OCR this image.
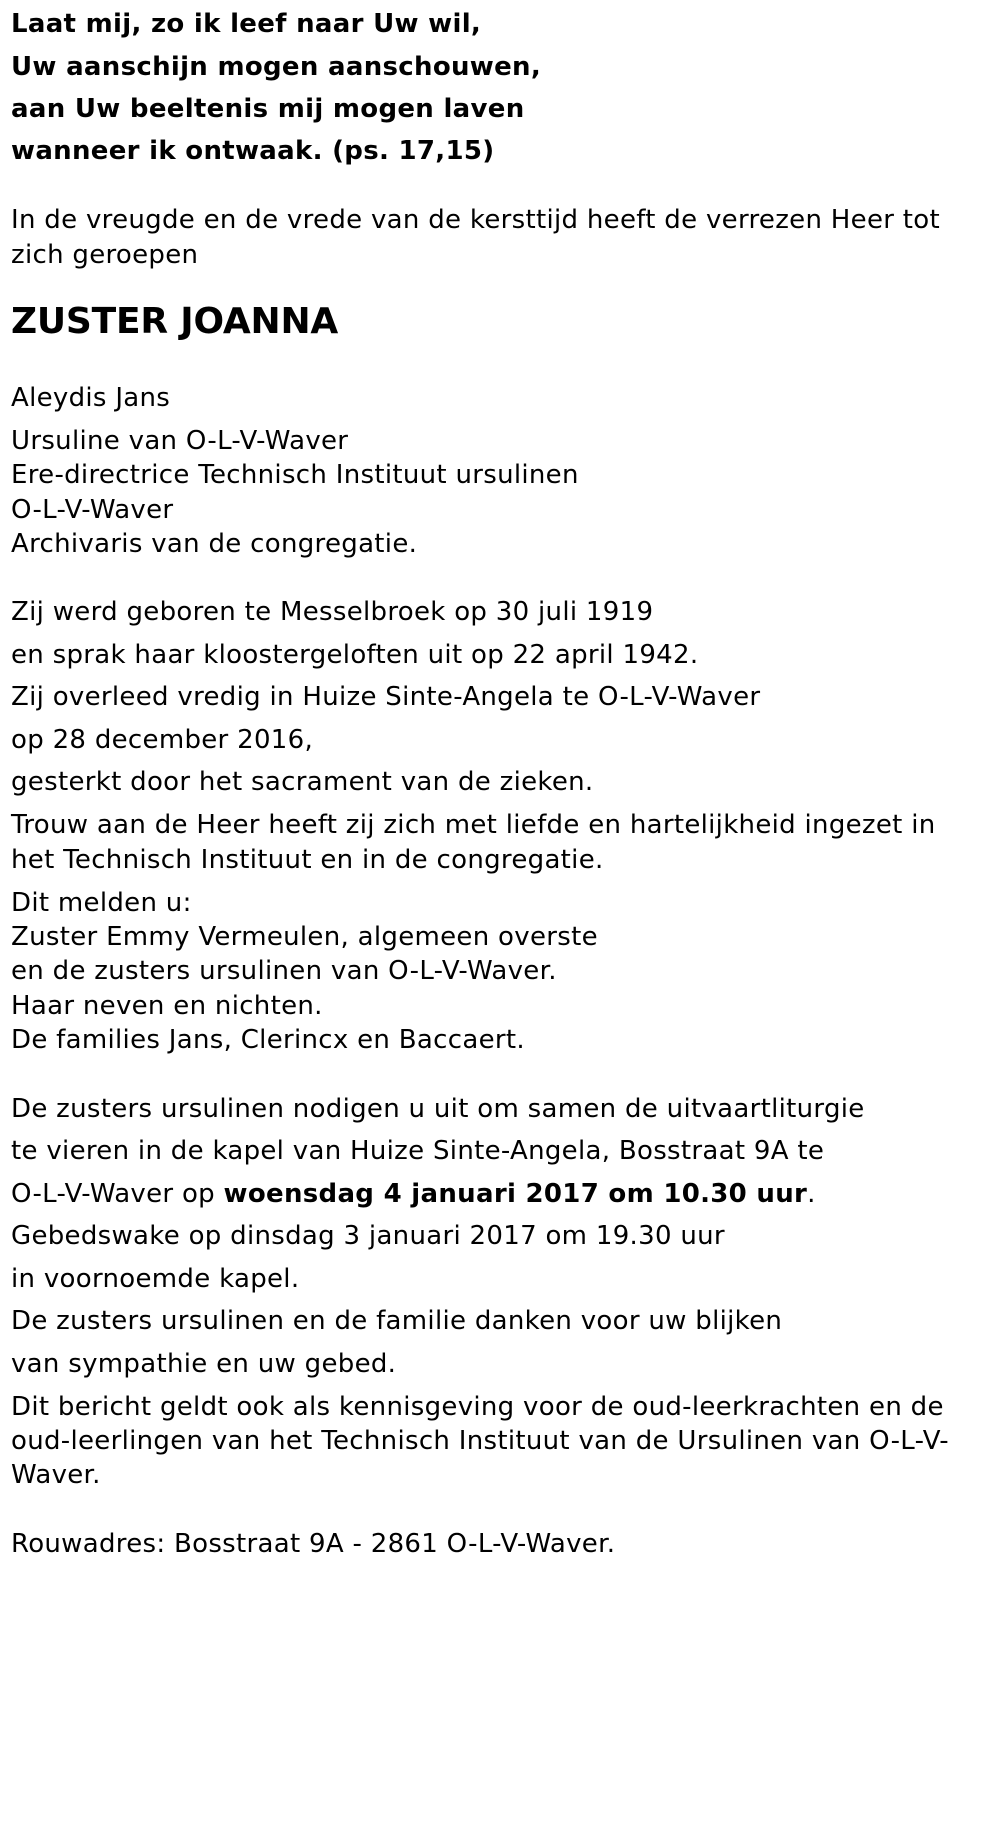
Laat mij, zo ik leef naar Uw wil,
Uw aanschijn mogen aanschouwen,
aan Uw beeltenis mij mogen laven
wanneer ik ontwaak. (ps. 17,15)
In de vreugde en de vrede van de kersttijd heeft de verrezen Heer tot
zich geroepen
ZUSTER JOANNA
Aleydis Jans
Ursuline van O-L-V-Waver
Ere-directrice Technisch Instituut ursulinen
O-L-V-Waver
Archivaris van de congregatie.
Zij werd geboren te Messelbroek op 30 juli 1919
en sprak haar kloostergeloften uit op 22 april 1942.
Zij overleed vredig in Huize Sinte-Angela te O-L-V-Waver
op 28 december 2016,
gesterkt door het sacrament van de zieken.
Trouw aan de Heer heeft zij zich met liefde en hartelijkheid ingezet in
het Technisch Instituut en in de congregatie.
Dit melden u:
Zuster Emmy Vermeulen, algemeen overste
en de zusters ursulinen van O-L-V-Waver.
Haar neven en nichten.
De families Jans, Clerincx en Baccaert.
De zusters ursulinen nodigen u uit om samen de uitvaartliturgie
te vieren in de kapel van Huize Sinte-Angela, Bosstraat 9A te
O-L-V-Waver op woensdag 4 januari 2017 om 10.30 uur.
Gebedswake op dinsdag 3 januari 2017 om 19.30 uur
in voornoemde kapel.
De zusters ursulinen en de familie danken voor uw blijken
van sympathie en uw gebed.
Dit bericht geldt ook als kennisgeving voor de oud-leerkrachten en de
oud-leerlingen van het Technisch Instituut van de Ursulinen van O-L-V-
Waver.
Rouwadres: Bosstraat 9A - 2861 O-L-V-Waver.
